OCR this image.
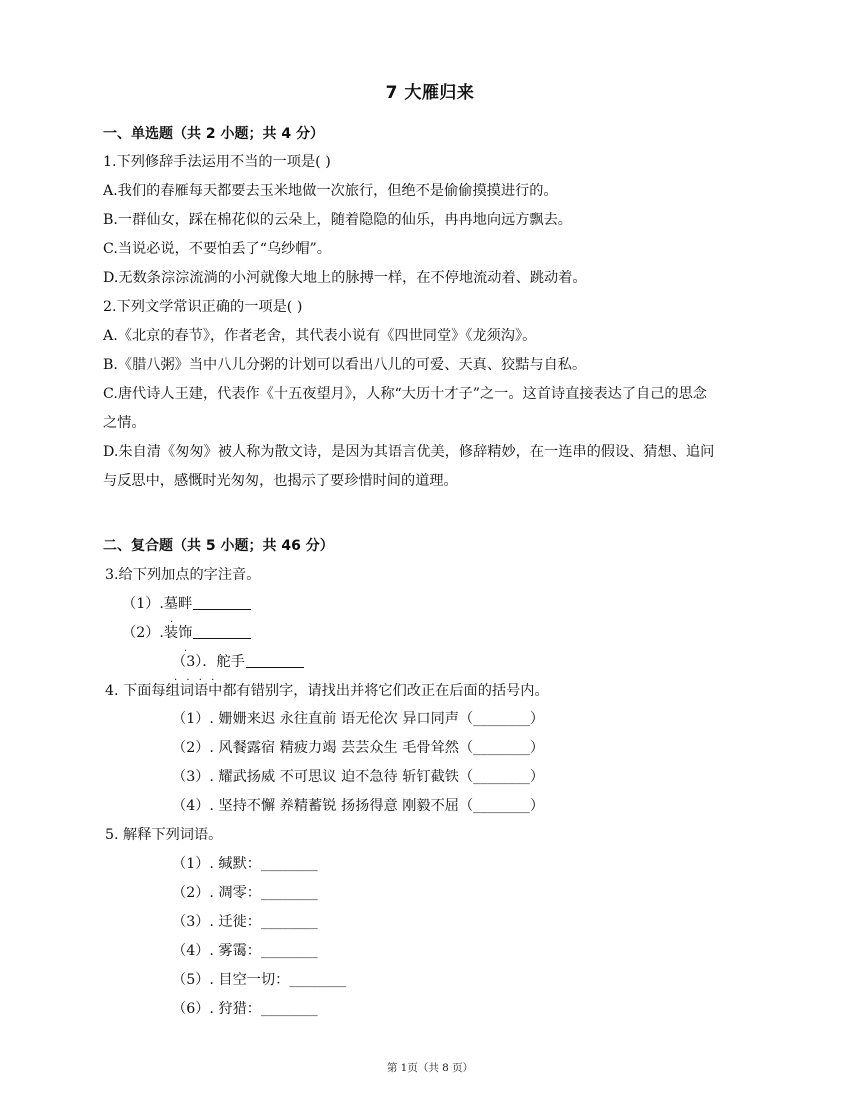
7 大雁归来
一、单选题（共 2 小题；共 4 分）
1.下列修辞手法运用不当的一项是( )
A.我们的春雁每天都要去玉米地做一次旅行，但绝不是偷偷摸摸进行的。
B.一群仙女，踩在棉花似的云朵上，随着隐隐的仙乐，冉冉地向远方飘去。
C.当说必说，不要怕丢了“乌纱帽”。
D.无数条淙淙流淌的小河就像大地上的脉搏一样，在不停地流动着、跳动着。
2.下列文学常识正确的一项是( )
A.《北京的春节》，作者老舍，其代表小说有《四世同堂》《龙须沟》。
B.《腊八粥》当中八儿分粥的计划可以看出八儿的可爱、天真、狡黠与自私。
C.唐代诗人王建，代表作《十五夜望月》，人称“大历十才子”之一。这首诗直接表达了自己的思念
之情。
D.朱自清《匆匆》被人称为散文诗，是因为其语言优美，修辞精妙，在一连串的假设、猜想、追问
与反思中，感慨时光匆匆，也揭示了要珍惜时间的道理。
二、复合题（共 5 小题；共 46 分）
3.给下列加点的字注音。
（1）.墓畔
·
（2）.装饰
·
（3）．舵手
· · · ·
4. 下面每组词语中都有错别字，请找出并将它们改正在后面的括号内。
（1）. 姗姗来迟 永往直前 语无伦次 异口同声（________）
（2）. 风餐露宿 精疲力竭 芸芸众生 毛骨耸然（________）
（3）. 耀武扬威 不可思议 迫不急待 斩钉截铁（________）
（4）. 坚持不懈 养精蓄锐 扬扬得意 刚毅不屈（________）
5. 解释下列词语。
（1）. 缄默：________
（2）. 凋零：________
（3）. 迁徙：________
（4）. 雾霭：________
（5）. 目空一切：________
（6）. 狩猎：________
第 1页（共 8 页）
